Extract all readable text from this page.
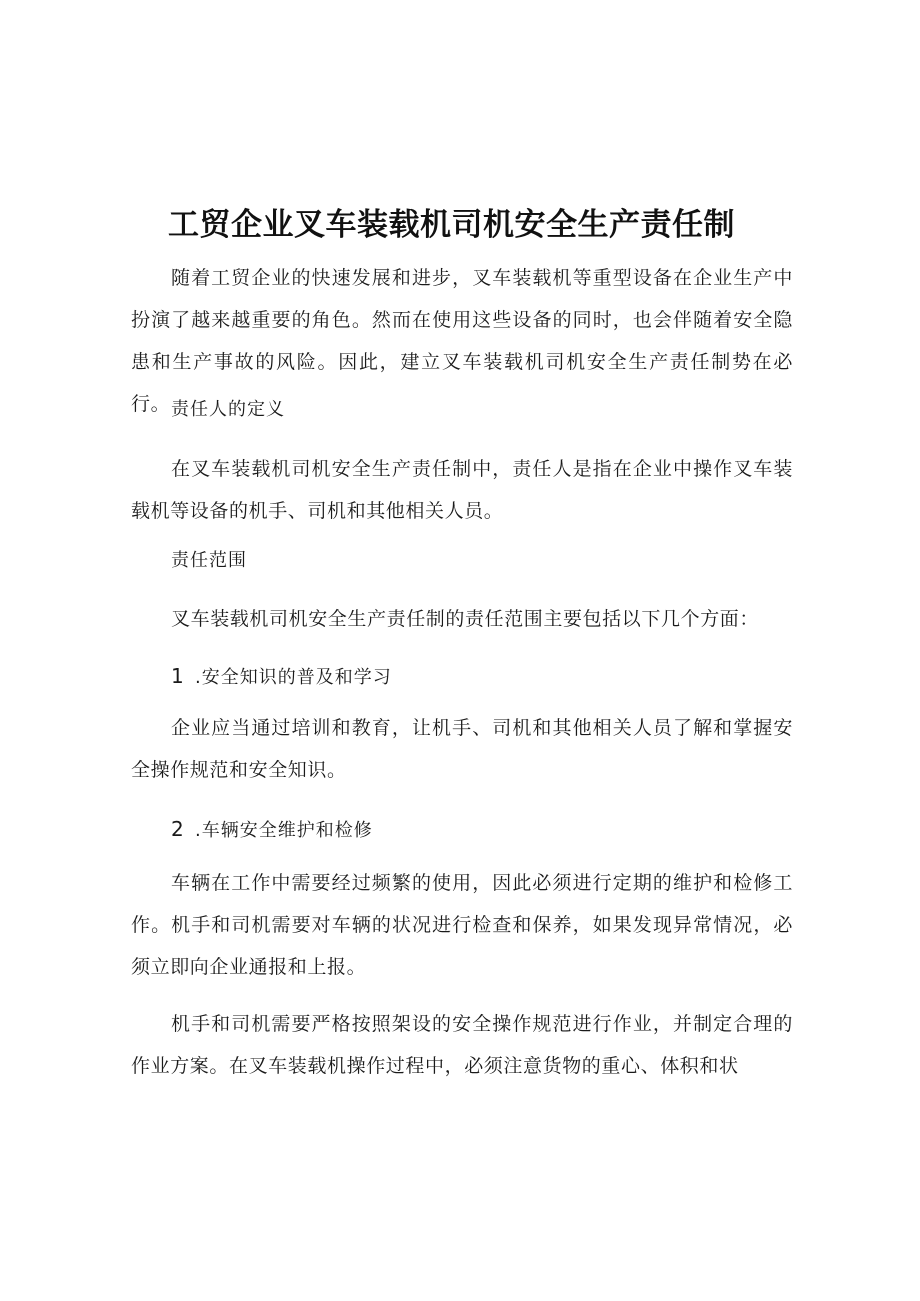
工贸企业叉车装载机司机安全生产责任制

随着工贸企业的快速发展和进步，叉车装载机等重型设备在企业生产中扮演了越来越重要的角色。然而在使用这些设备的同时，也会伴随着安全隐患和生产事故的风险。因此，建立叉车装载机司机安全生产责任制势在必行。 责任人的定义

在叉车装载机司机安全生产责任制中，责任人是指在企业中操作叉车装载机等设备的机手、司机和其他相关人员。

责任范围

叉车装载机司机安全生产责任制的责任范围主要包括以下几个方面：

1 .安全知识的普及和学习

企业应当通过培训和教育，让机手、司机和其他相关人员了解和掌握安全操作规范和安全知识。

2 .车辆安全维护和检修

车辆在工作中需要经过频繁的使用，因此必须进行定期的维护和检修工作。机手和司机需要对车辆的状况进行检查和保养，如果发现异常情况，必须立即向企业通报和上报。

机手和司机需要严格按照架设的安全操作规范进行作业，并制定合理的作业方案。在叉车装载机操作过程中，必须注意货物的重心、体积和状
